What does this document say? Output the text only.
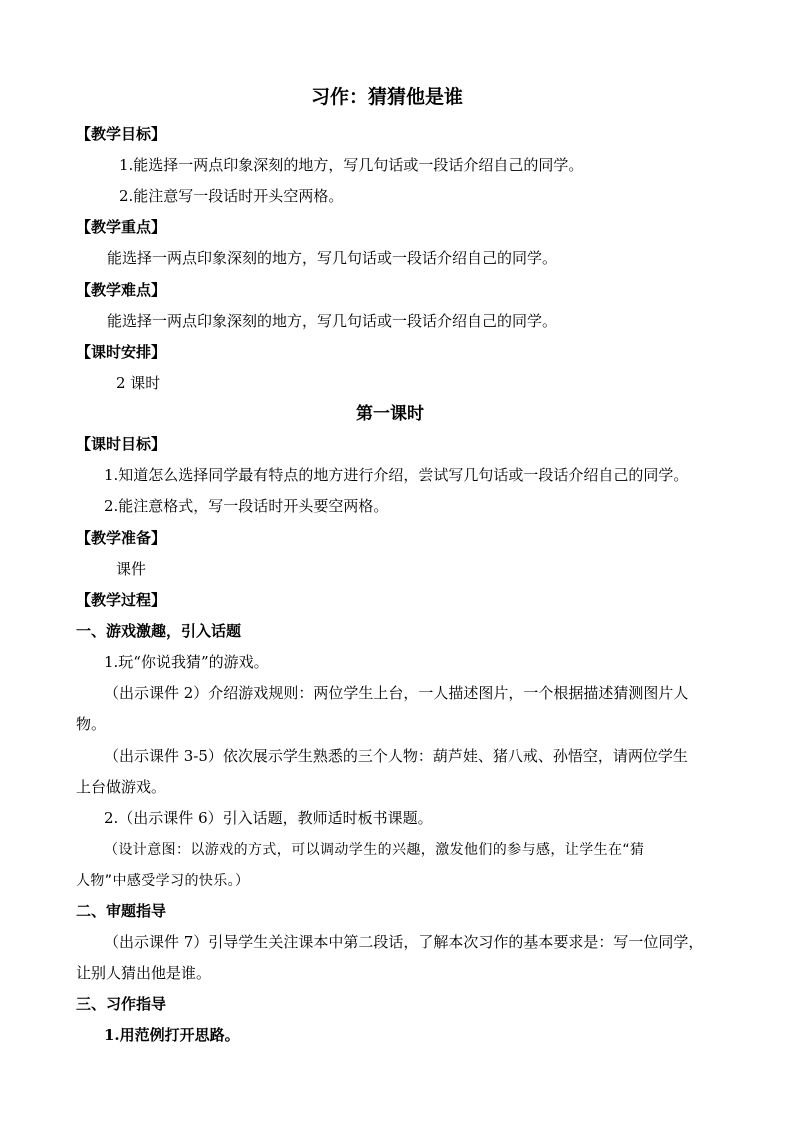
习作：猜猜他是谁
【教学目标】
1.能选择一两点印象深刻的地方，写几句话或一段话介绍自己的同学。
2.能注意写一段话时开头空两格。
【教学重点】
能选择一两点印象深刻的地方，写几句话或一段话介绍自己的同学。
【教学难点】
能选择一两点印象深刻的地方，写几句话或一段话介绍自己的同学。
【课时安排】
2 课时
第一课时
【课时目标】
1.知道怎么选择同学最有特点的地方进行介绍，尝试写几句话或一段话介绍自己的同学。
2.能注意格式，写一段话时开头要空两格。
【教学准备】
课件
【教学过程】
一、游戏激趣，引入话题
1.玩“你说我猜”的游戏。
（出示课件 2）介绍游戏规则：两位学生上台，一人描述图片，一个根据描述猜测图片人
物。
（出示课件 3-5）依次展示学生熟悉的三个人物：葫芦娃、猪八戒、孙悟空，请两位学生
上台做游戏。
2.（出示课件 6）引入话题，教师适时板书课题。
（设计意图：以游戏的方式，可以调动学生的兴趣，激发他们的参与感，让学生在“猜
人物”中感受学习的快乐。）
二、审题指导
（出示课件 7）引导学生关注课本中第二段话，了解本次习作的基本要求是：写一位同学，
让别人猜出他是谁。
三、习作指导
1.用范例打开思路。
